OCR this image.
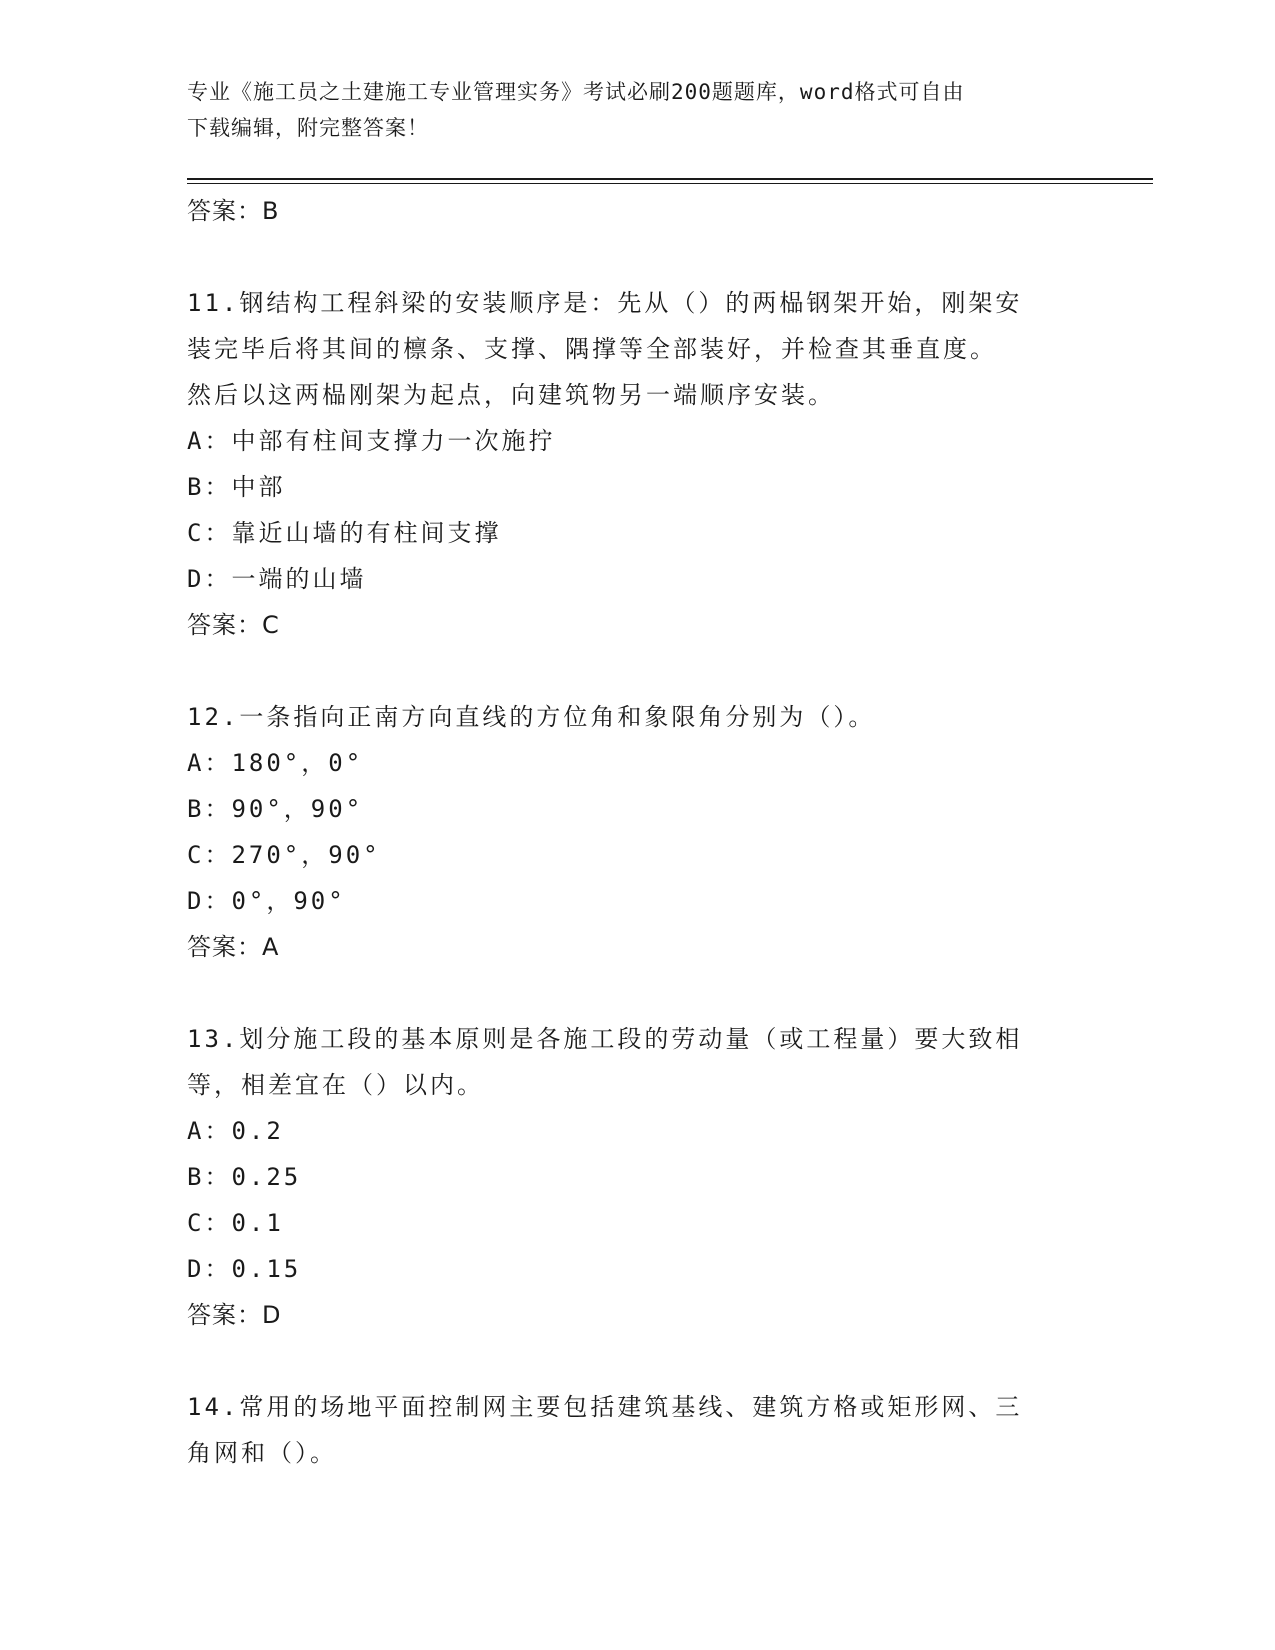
专业《施工员之土建施工专业管理实务》考试必刷200题题库，word格式可自由
下载编辑，附完整答案！
答案：B
11.钢结构工程斜梁的安装顺序是：先从（）的两榀钢架开始，刚架安
装完毕后将其间的檩条、支撑、隅撑等全部装好，并检查其垂直度。
然后以这两榀刚架为起点，向建筑物另一端顺序安装。
A：中部有柱间支撑力一次施拧
B：中部
C：靠近山墙的有柱间支撑
D：一端的山墙
答案：C
12.一条指向正南方向直线的方位角和象限角分别为（）。
A：180°，0°
B：90°，90°
C：270°，90°
D：0°，90°
答案：A
13.划分施工段的基本原则是各施工段的劳动量（或工程量）要大致相
等，相差宜在（）以内。
A：0.2
B：0.25
C：0.1
D：0.15
答案：D
14.常用的场地平面控制网主要包括建筑基线、建筑方格或矩形网、三
角网和（）。
